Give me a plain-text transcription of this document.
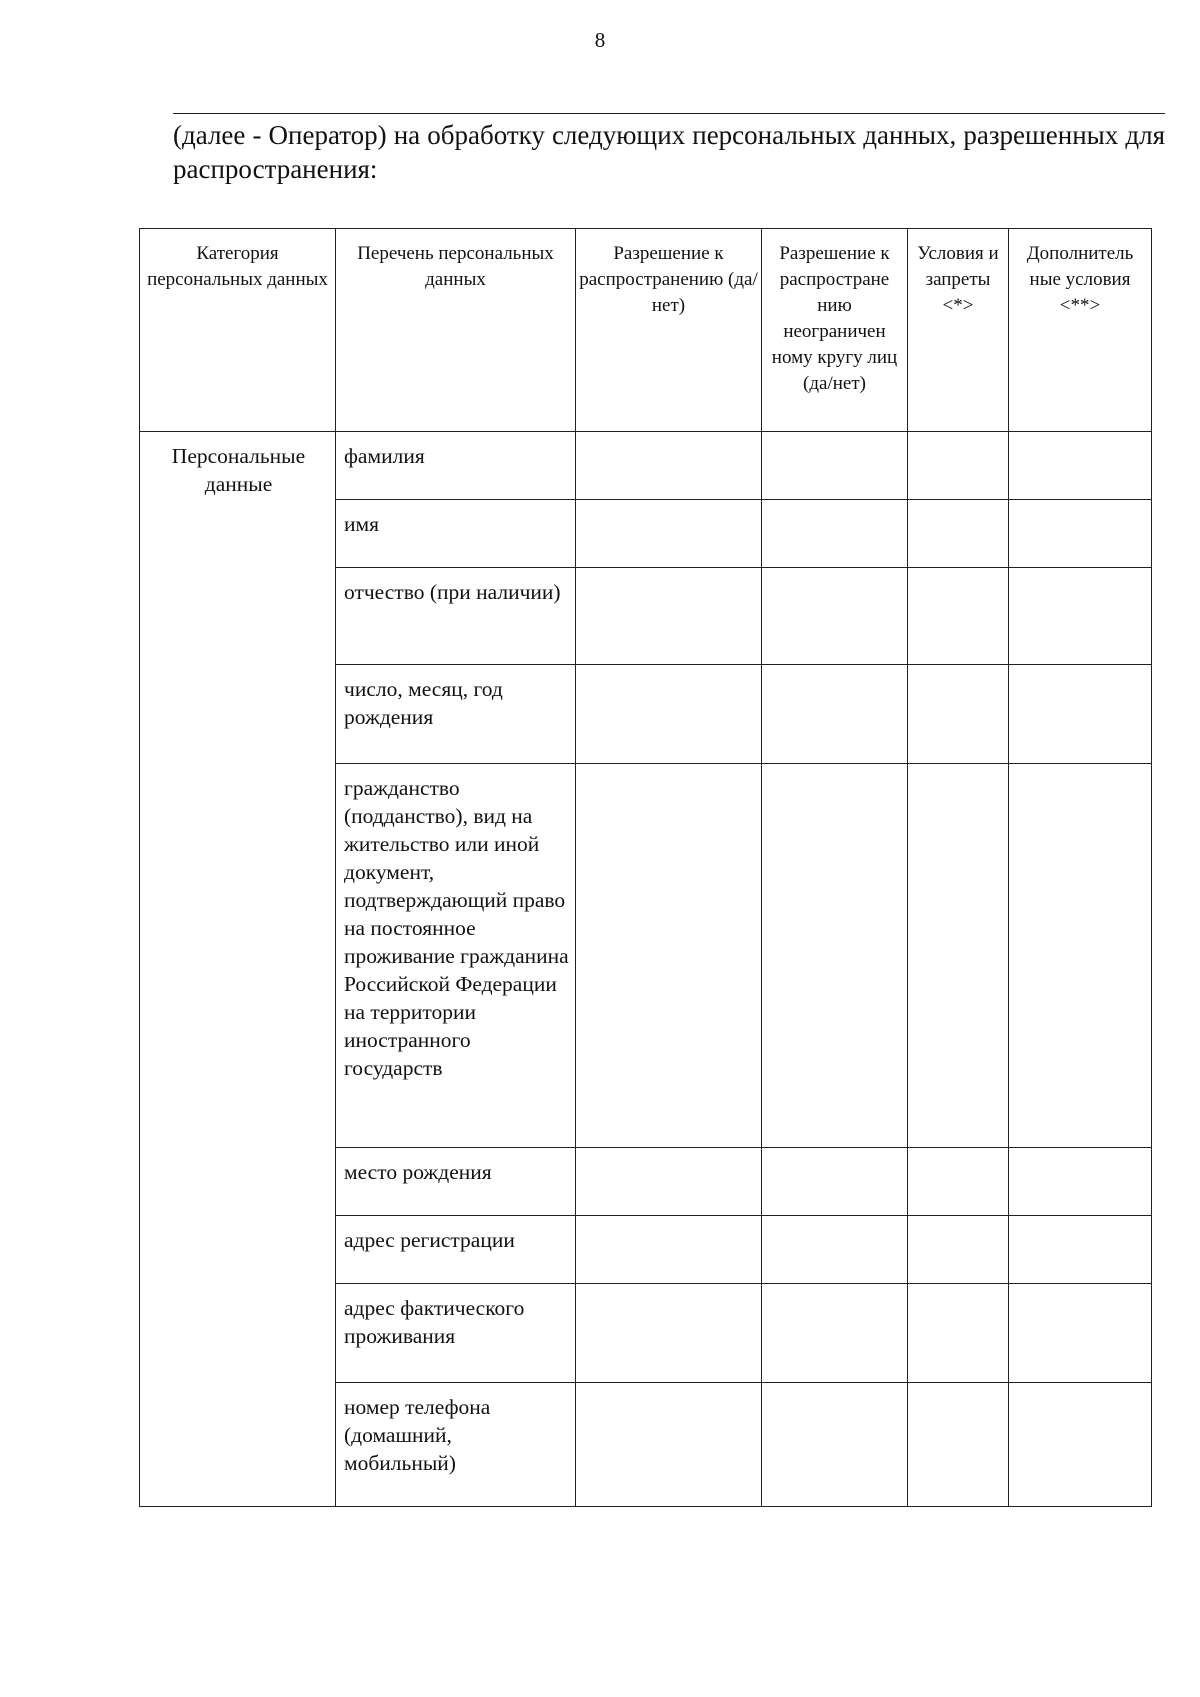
8

(далее - Оператор) на обработку следующих персональных данных, разрешенных для распространения:

Категория персональных данных	Перечень персональных данных	Разрешение к распространению (да/нет)	Разрешение к распростране нию неограничен ному кругу лиц (да/нет)	Условия и запреты <*>	Дополнитель ные условия <**>
Персональные данные	фамилия				
	имя				
	отчество (при наличии)				
	число, месяц, год рождения				
	гражданство (подданство), вид на жительство или иной документ, подтверждающий право на постоянное проживание гражданина Российской Федерации на территории иностранного государств				
	место рождения				
	адрес регистрации				
	адрес фактического проживания				
	номер телефона (домашний, мобильный)				
